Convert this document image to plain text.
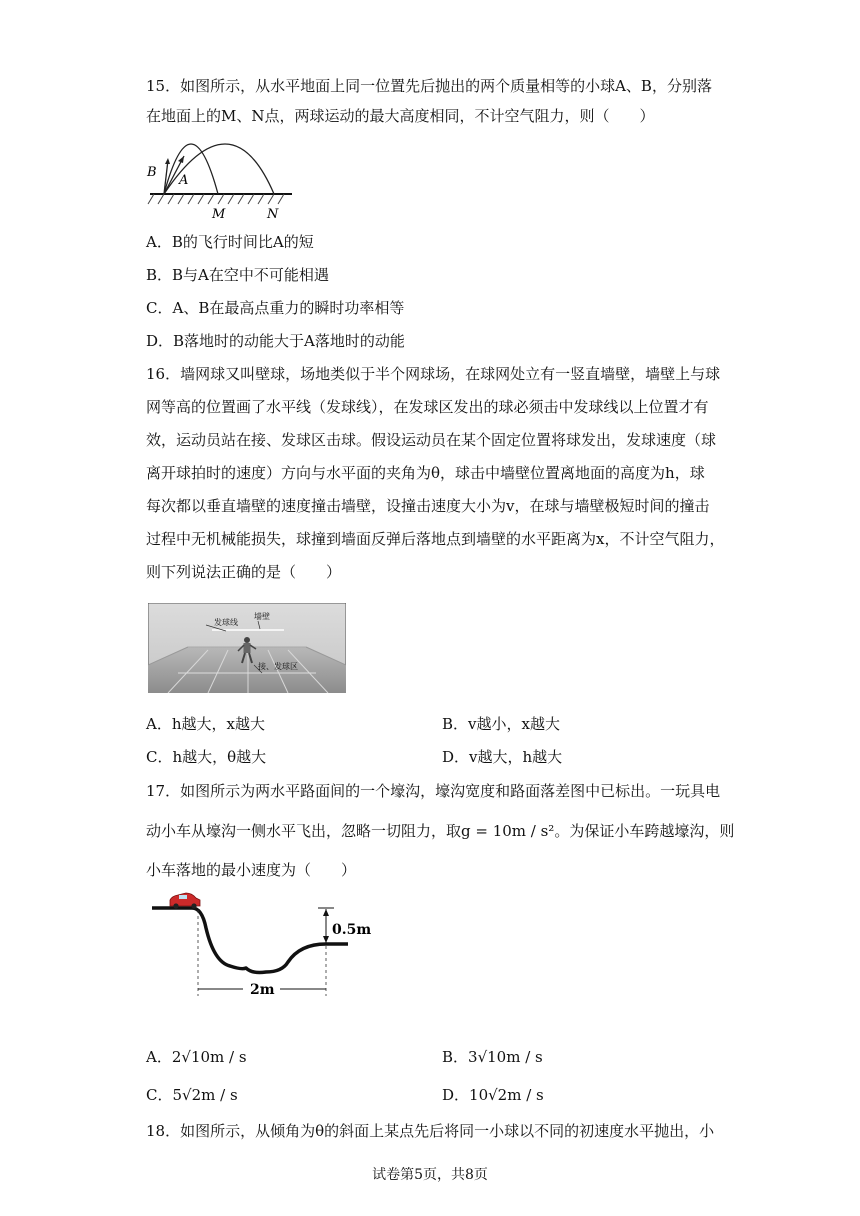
15．如图所示，从水平地面上同一位置先后抛出的两个质量相等的小球A、B，分别落
在地面上的M、N点，两球运动的最大高度相同，不计空气阻力，则（　　）
B
A
M	N
A．B的飞行时间比A的短
B．B与A在空中不可能相遇
C．A、B在最高点重力的瞬时功率相等
D．B落地时的动能大于A落地时的动能
16．墙网球又叫壁球，场地类似于半个网球场，在球网处立有一竖直墙壁，墙壁上与球
网等高的位置画了水平线（发球线），在发球区发出的球必须击中发球线以上位置才有
效，运动员站在接、发球区击球。假设运动员在某个固定位置将球发出，发球速度（球
离开球拍时的速度）方向与水平面的夹角为θ，球击中墙壁位置离地面的高度为h，球
每次都以垂直墙壁的速度撞击墙壁，设撞击速度大小为v，在球与墙壁极短时间的撞击
过程中无机械能损失，球撞到墙面反弹后落地点到墙壁的水平距离为x，不计空气阻力，
则下列说法正确的是（　　）
发球线
墙壁
接、发球区
A．h越大，x越大	B．v越小，x越大
C．h越大，θ越大	D．v越大，h越大
17．如图所示为两水平路面间的一个壕沟，壕沟宽度和路面落差图中已标出。一玩具电
动小车从壕沟一侧水平飞出，忽略一切阻力，取g = 10m / s²。为保证小车跨越壕沟，则
小车落地的最小速度为（　　）
0.5m
2m
A．2√10m / s	B．3√10m / s
C．5√2m / s	D．10√2m / s
18．如图所示，从倾角为θ的斜面上某点先后将同一小球以不同的初速度水平抛出，小
试卷第5页，共8页
